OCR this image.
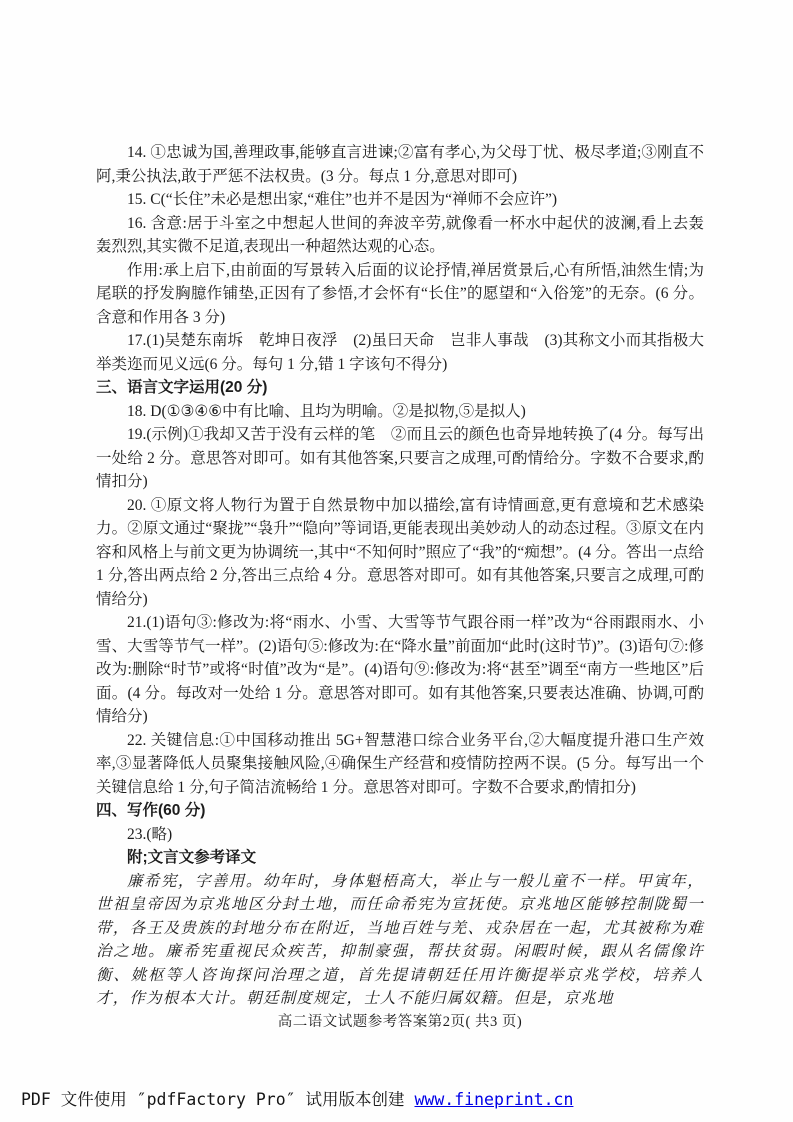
14. ①忠诚为国,善理政事,能够直言进谏;②富有孝心,为父母丁忧、极尽孝道;③刚直不阿,秉公执法,敢于严惩不法权贵。(3 分。每点 1 分,意思对即可)

15. C(“长住”未必是想出家,“难住”也并不是因为“禅师不会应许”)

16. 含意:居于斗室之中想起人世间的奔波辛劳,就像看一杯水中起伏的波澜,看上去轰轰烈烈,其实微不足道,表现出一种超然达观的心态。

作用:承上启下,由前面的写景转入后面的议论抒情,禅居赏景后,心有所悟,油然生情;为尾联的抒发胸臆作铺垫,正因有了参悟,才会怀有“长住”的愿望和“入俗笼”的无奈。(6 分。含意和作用各 3 分)

17.(1)吴楚东南坼　乾坤日夜浮　(2)虽曰天命　岂非人事哉　(3)其称文小而其指极大　举类迩而见义远(6 分。每句 1 分,错 1 字该句不得分)

三、语言文字运用(20 分)

18. D(①③④⑥中有比喻、且均为明喻。②是拟物,⑤是拟人)

19.(示例)①我却又苦于没有云样的笔　②而且云的颜色也奇异地转换了(4 分。每写出一处给 2 分。意思答对即可。如有其他答案,只要言之成理,可酌情给分。字数不合要求,酌情扣分)

20. ①原文将人物行为置于自然景物中加以描绘,富有诗情画意,更有意境和艺术感染力。②原文通过“聚拢”“袅升”“隐向”等词语,更能表现出美妙动人的动态过程。③原文在内容和风格上与前文更为协调统一,其中“不知何时”照应了“我”的“痴想”。(4 分。答出一点给 1 分,答出两点给 2 分,答出三点给 4 分。意思答对即可。如有其他答案,只要言之成理,可酌情给分)

21.(1)语句③:修改为:将“雨水、小雪、大雪等节气跟谷雨一样”改为“谷雨跟雨水、小雪、大雪等节气一样”。(2)语句⑤:修改为:在“降水量”前面加“此时(这时节)”。(3)语句⑦:修改为:删除“时节”或将“时值”改为“是”。(4)语句⑨:修改为:将“甚至”调至“南方一些地区”后面。(4 分。每改对一处给 1 分。意思答对即可。如有其他答案,只要表达准确、协调,可酌情给分)

22. 关键信息:①中国移动推出 5G+智慧港口综合业务平台,②大幅度提升港口生产效率,③显著降低人员聚集接触风险,④确保生产经营和疫情防控两不误。(5 分。每写出一个关键信息给 1 分,句子简洁流畅给 1 分。意思答对即可。字数不合要求,酌情扣分)

四、写作(60 分)

23.(略)

附;文言文参考译文

廉希宪，字善用。幼年时，身体魁梧高大，举止与一般儿童不一样。甲寅年，世祖皇帝因为京兆地区分封土地，而任命希宪为宣抚使。京兆地区能够控制陇蜀一带，各王及贵族的封地分布在附近，当地百姓与羌、戎杂居在一起，尤其被称为难治之地。廉希宪重视民众疾苦，抑制豪强，帮扶贫弱。闲暇时候，跟从名儒像许衡、姚枢等人咨询探问治理之道，首先提请朝廷任用许衡提举京兆学校，培养人才，作为根本大计。朝廷制度规定，士人不能归属奴籍。但是，京兆地

高二语文试题参考答案第2页( 共3 页)

PDF 文件使用 ″pdfFactory Pro″ 试用版本创建 www.fineprint.cn
